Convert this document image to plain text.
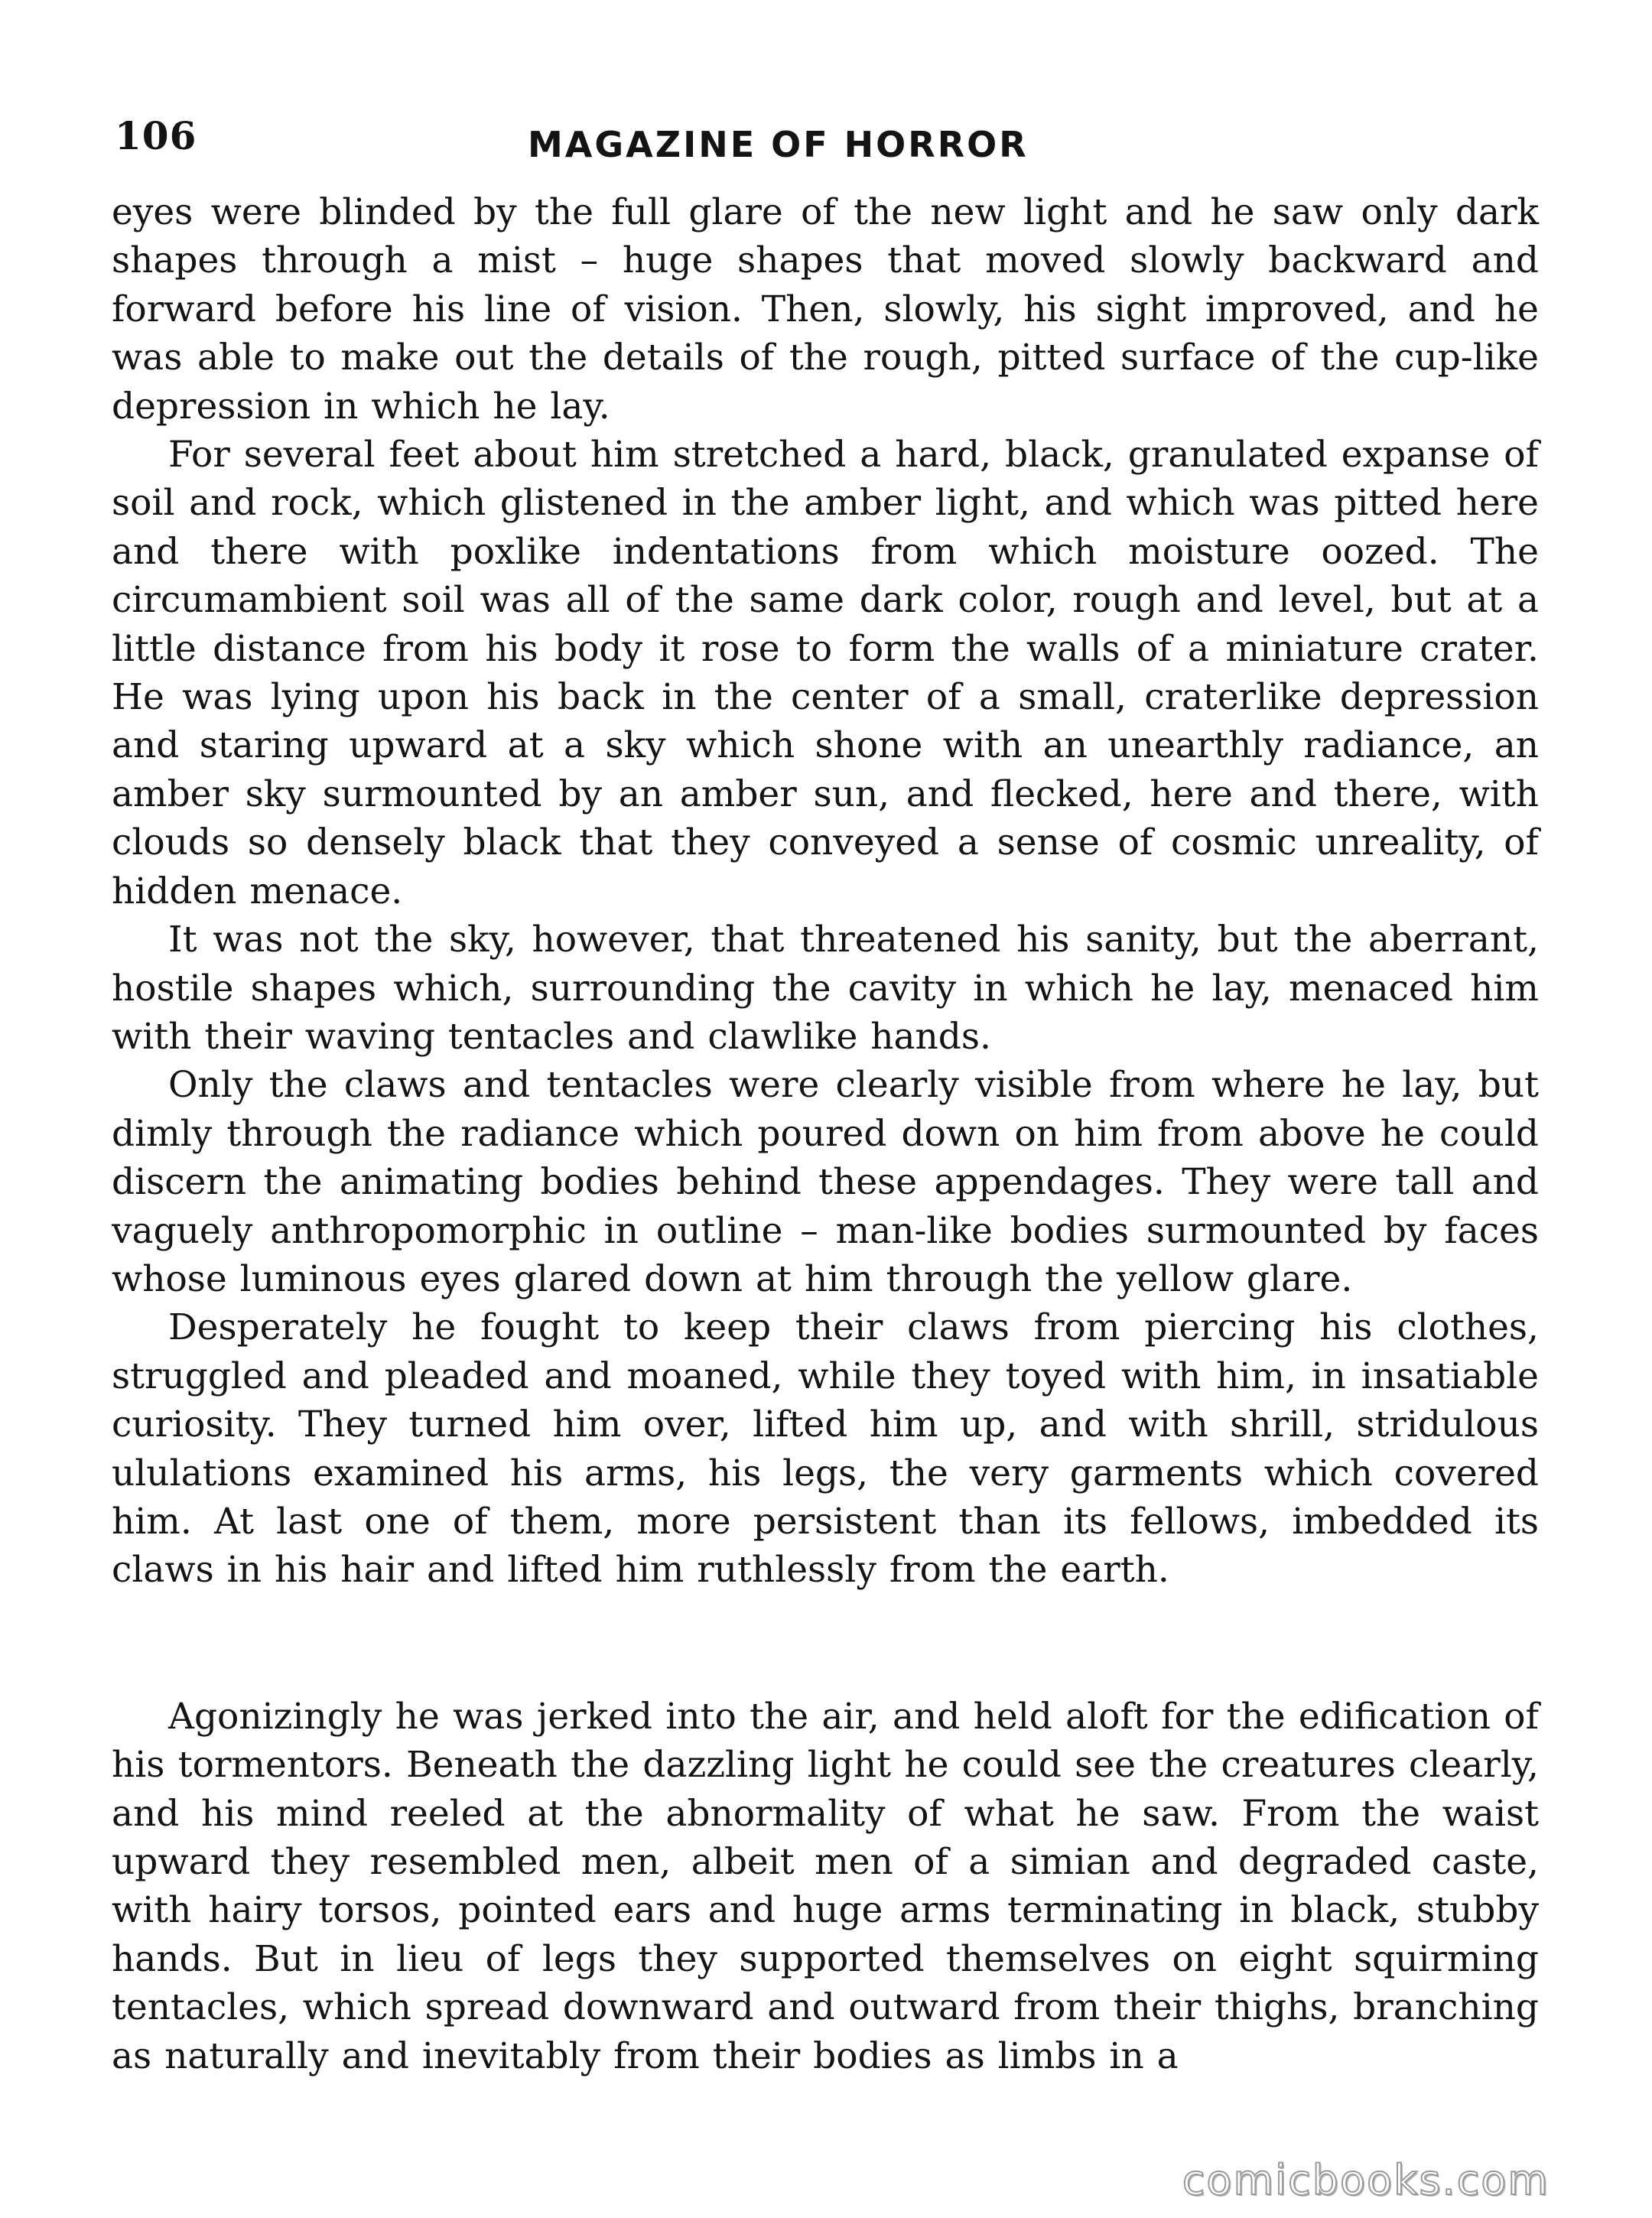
106	MAGAZINE OF HORROR

eyes were blinded by the full glare of the new light and he saw only dark shapes through a mist – huge shapes that moved slowly backward and forward before his line of vision. Then, slowly, his sight improved, and he was able to make out the details of the rough, pitted surface of the cup-like depression in which he lay.

For several feet about him stretched a hard, black, granulated expanse of soil and rock, which glistened in the amber light, and which was pitted here and there with poxlike indentations from which moisture oozed. The circumambient soil was all of the same dark color, rough and level, but at a little distance from his body it rose to form the walls of a miniature crater. He was lying upon his back in the center of a small, craterlike depression and staring upward at a sky which shone with an unearthly radiance, an amber sky surmounted by an amber sun, and flecked, here and there, with clouds so densely black that they conveyed a sense of cosmic unreality, of hidden menace.

It was not the sky, however, that threatened his sanity, but the aberrant, hostile shapes which, surrounding the cavity in which he lay, menaced him with their waving tentacles and clawlike hands.

Only the claws and tentacles were clearly visible from where he lay, but dimly through the radiance which poured down on him from above he could discern the animating bodies behind these appendages. They were tall and vaguely anthropomorphic in outline – man-like bodies surmounted by faces whose luminous eyes glared down at him through the yellow glare.

Desperately he fought to keep their claws from piercing his clothes, struggled and pleaded and moaned, while they toyed with him, in insatiable curiosity. They turned him over, lifted him up, and with shrill, stridulous ululations examined his arms, his legs, the very garments which covered him. At last one of them, more persistent than its fellows, imbedded its claws in his hair and lifted him ruthlessly from the earth.

Agonizingly he was jerked into the air, and held aloft for the edification of his tormentors. Beneath the dazzling light he could see the creatures clearly, and his mind reeled at the abnormality of what he saw. From the waist upward they resembled men, albeit men of a simian and degraded caste, with hairy torsos, pointed ears and huge arms terminating in black, stubby hands. But in lieu of legs they supported themselves on eight squirming tentacles, which spread downward and outward from their thighs, branching as naturally and inevitably from their bodies as limbs in a

comicbooks.com
